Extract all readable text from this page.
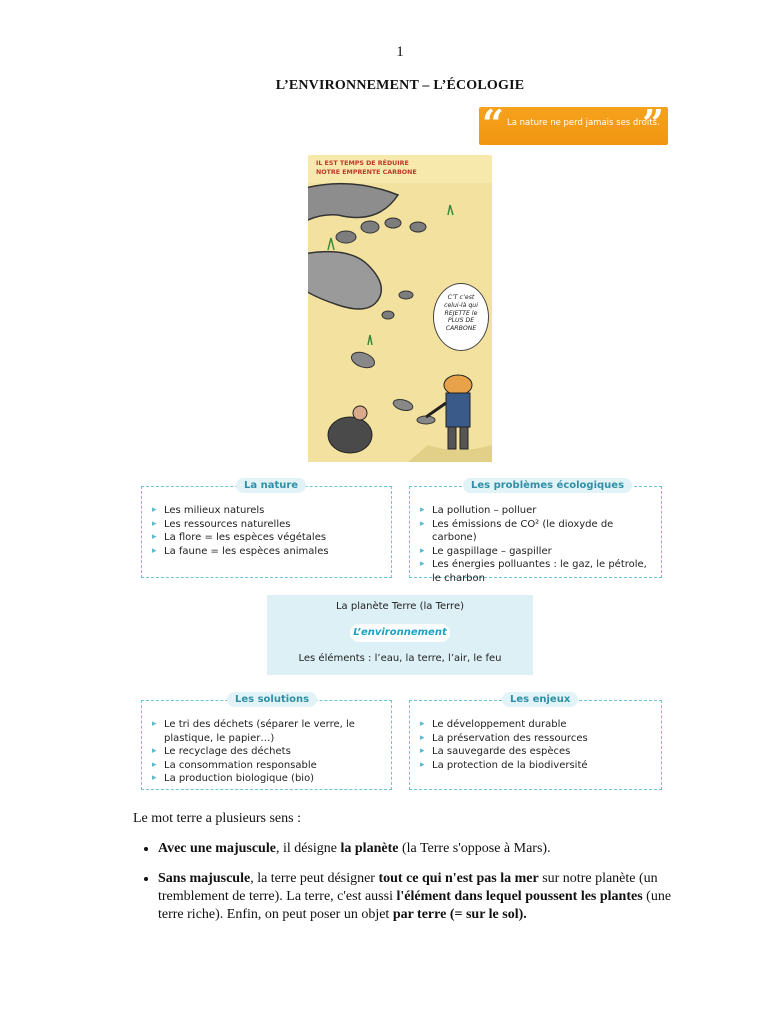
1
L’ENVIRONNEMENT – L’ÉCOLOGIE
“ La nature ne perd jamais ses droits.
”
IL EST TEMPS DE RÉDUIRE
NOTRE EMPRENTE CARBONE
C’T c’est
celui-là qui
REJETTE le
PLUS DE
CARBONE
▸ Les milieux naturels
▸ Les ressources naturelles
▸ La flore = les espèces végétales
▸ La faune = les espèces animales
La nature
▸ La pollution – polluer
▸ Les émissions de CO² (le dioxyde de carbone)
▸ Le gaspillage – gaspiller
▸ Les énergies polluantes : le gaz, le pétrole, le charbon
Les problèmes écologiques
La planète Terre (la Terre)
L’environnement
Les éléments : l’eau, la terre, l’air, le feu
▸ Le tri des déchets (séparer le verre, le plastique, le papier…)
▸ Le recyclage des déchets
▸ La consommation responsable
▸ La production biologique (bio)
Les solutions
▸ Le développement durable
▸ La préservation des ressources
▸ La sauvegarde des espèces
▸ La protection de la biodiversité
Les enjeux

Le mot terre a plusieurs sens :

• Avec une majuscule, il désigne la planète (la Terre s'oppose à Mars).
• Sans majuscule, la terre peut désigner tout ce qui n'est pas la mer sur notre planète (un tremblement de terre). La terre, c'est aussi l'élément dans lequel poussent les plantes (une terre riche). Enfin, on peut poser un objet par terre (= sur le sol).
